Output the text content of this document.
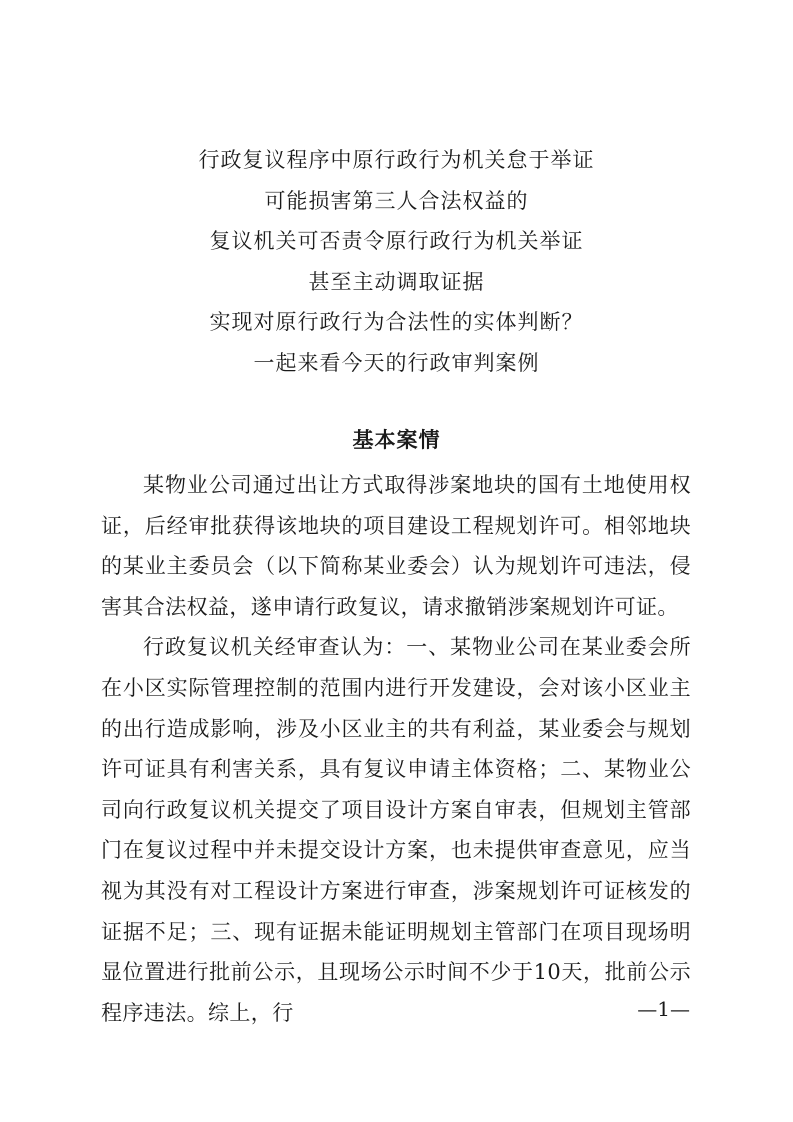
行政复议程序中原行政行为机关怠于举证
可能损害第三人合法权益的
复议机关可否责令原行政行为机关举证
甚至主动调取证据
实现对原行政行为合法性的实体判断？
一起来看今天的行政审判案例
基本案情

某物业公司通过出让方式取得涉案地块的国有土地使用权证，后经审批获得该地块的项目建设工程规划许可。相邻地块的某业主委员会（以下简称某业委会）认为规划许可违法，侵害其合法权益，遂申请行政复议，请求撤销涉案规划许可证。

行政复议机关经审查认为：一、某物业公司在某业委会所在小区实际管理控制的范围内进行开发建设，会对该小区业主的出行造成影响，涉及小区业主的共有利益，某业委会与规划许可证具有利害关系，具有复议申请主体资格；二、某物业公司向行政复议机关提交了项目设计方案自审表，但规划主管部门在复议过程中并未提交设计方案，也未提供审查意见，应当视为其没有对工程设计方案进行审查，涉案规划许可证核发的证据不足；三、现有证据未能证明规划主管部门在项目现场明显位置进行批前公示，且现场公示时间不少于10天，批前公示程序违法。综上，行	—1—
